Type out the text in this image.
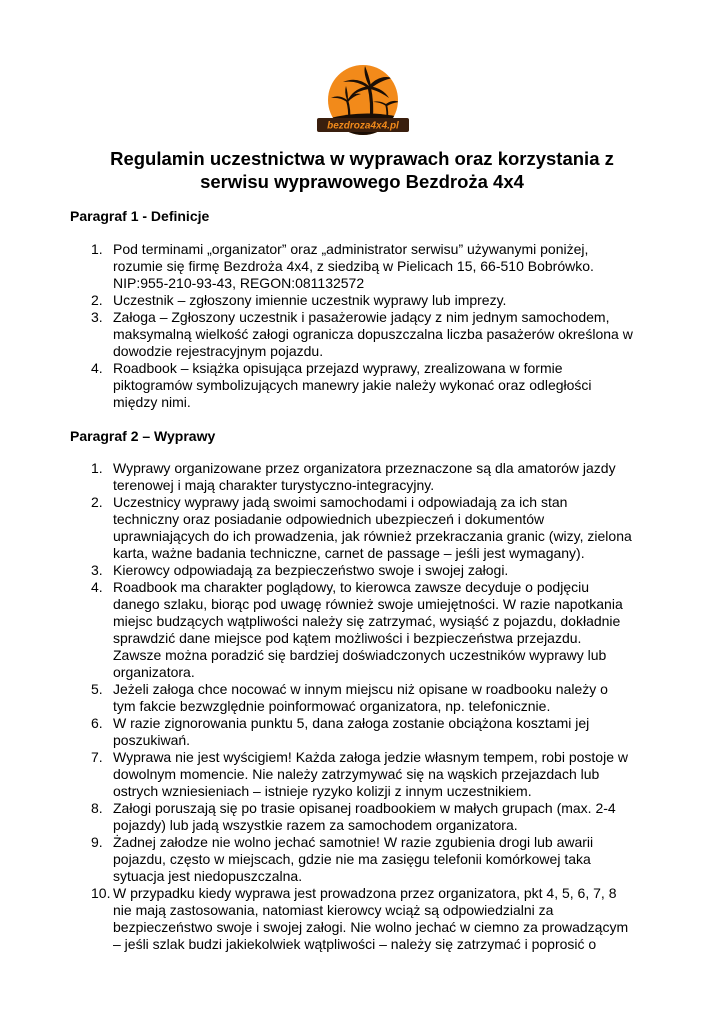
bezdroza4x4.pl
Regulamin uczestnictwa w wyprawach oraz korzystania z
serwisu wyprawowego Bezdroża 4x4
Paragraf 1 - Definicje
1. Pod terminami „organizator” oraz „administrator serwisu” używanymi poniżej,
rozumie się firmę Bezdroża 4x4, z siedzibą w Pielicach 15, 66-510 Bobrówko.
NIP:955-210-93-43, REGON:081132572
2. Uczestnik – zgłoszony imiennie uczestnik wyprawy lub imprezy.
3. Załoga – Zgłoszony uczestnik i pasażerowie jadący z nim jednym samochodem,
maksymalną wielkość załogi ogranicza dopuszczalna liczba pasażerów określona w
dowodzie rejestracyjnym pojazdu.
4. Roadbook – książka opisująca przejazd wyprawy, zrealizowana w formie
piktogramów symbolizujących manewry jakie należy wykonać oraz odległości
między nimi.
Paragraf 2 – Wyprawy
1. Wyprawy organizowane przez organizatora przeznaczone są dla amatorów jazdy
terenowej i mają charakter turystyczno-integracyjny.
2. Uczestnicy wyprawy jadą swoimi samochodami i odpowiadają za ich stan
techniczny oraz posiadanie odpowiednich ubezpieczeń i dokumentów
uprawniających do ich prowadzenia, jak również przekraczania granic (wizy, zielona
karta, ważne badania techniczne, carnet de passage – jeśli jest wymagany).
3. Kierowcy odpowiadają za bezpieczeństwo swoje i swojej załogi.
4. Roadbook ma charakter poglądowy, to kierowca zawsze decyduje o podjęciu
danego szlaku, biorąc pod uwagę również swoje umiejętności. W razie napotkania
miejsc budzących wątpliwości należy się zatrzymać, wysiąść z pojazdu, dokładnie
sprawdzić dane miejsce pod kątem możliwości i bezpieczeństwa przejazdu.
Zawsze można poradzić się bardziej doświadczonych uczestników wyprawy lub
organizatora.
5. Jeżeli załoga chce nocować w innym miejscu niż opisane w roadbooku należy o
tym fakcie bezwzględnie poinformować organizatora, np. telefonicznie.
6. W razie zignorowania punktu 5, dana załoga zostanie obciążona kosztami jej
poszukiwań.
7. Wyprawa nie jest wyścigiem! Każda załoga jedzie własnym tempem, robi postoje w
dowolnym momencie. Nie należy zatrzymywać się na wąskich przejazdach lub
ostrych wzniesieniach – istnieje ryzyko kolizji z innym uczestnikiem.
8. Załogi poruszają się po trasie opisanej roadbookiem w małych grupach (max. 2-4
pojazdy) lub jadą wszystkie razem za samochodem organizatora.
9. Żadnej załodze nie wolno jechać samotnie! W razie zgubienia drogi lub awarii
pojazdu, często w miejscach, gdzie nie ma zasięgu telefonii komórkowej taka
sytuacja jest niedopuszczalna.
10. W przypadku kiedy wyprawa jest prowadzona przez organizatora, pkt 4, 5, 6, 7, 8
nie mają zastosowania, natomiast kierowcy wciąż są odpowiedzialni za
bezpieczeństwo swoje i swojej załogi. Nie wolno jechać w ciemno za prowadzącym
– jeśli szlak budzi jakiekolwiek wątpliwości – należy się zatrzymać i poprosić o
